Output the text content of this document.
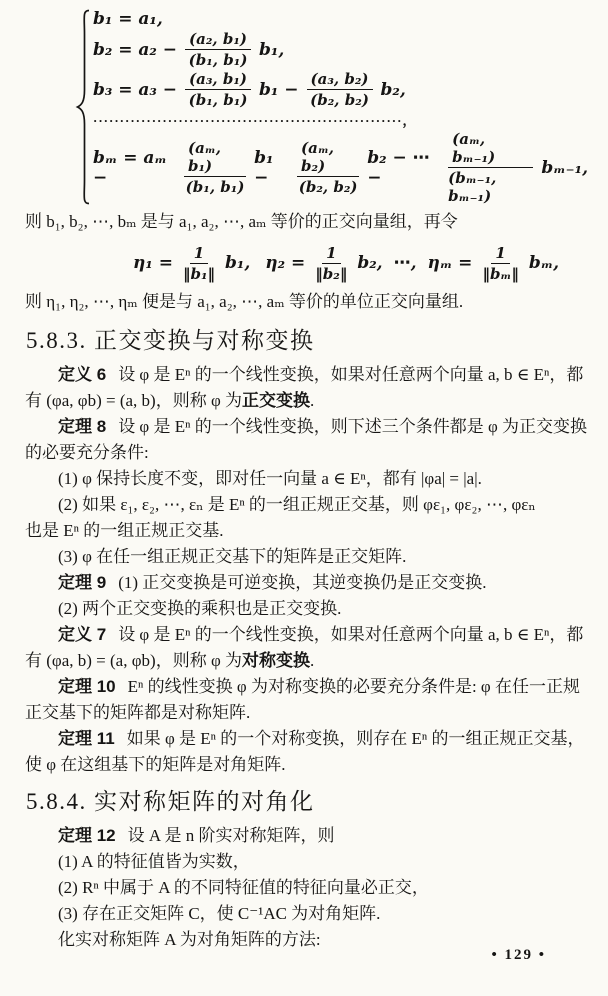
b₁ = a₁,
$b_2 = a_2 - \frac{\text{(a₂, b₁)}}{\text{(b₁, b₁)}} b_1$,
$b_3 = a_3 - \frac{\text{(a₃, b₁)}}{\text{(b₁, b₁)}} b_1 - \frac{\text{(a₃, b₂)}}{\text{(b₂, b₂)}} b_2$,
··························································，
bₘ = aₘ −	$\frac{\text{(aₘ, b₁)}}{\text{(b₁, b₁)}} b_1$ −	$\frac{\text{(aₘ, b₂)}}{\text{(b₂, b₂)}} b_2$ − ⋯ −	$\frac{\text{(aₘ, bₘ₋₁)}}{\text{(bₘ₋₁, bₘ₋₁)}} b_{m-1}$,

则 b₁, b₂, ⋯, bₘ 是与 a₁, a₂, ⋯, aₘ 等价的正交向量组，再令

$\eta_1 = \frac{1}{\text{‖b₁‖}} b_1$, $\eta_2 = \frac{1}{\text{‖b₂‖}} b_2$, ⋯, $\eta_m = \frac{1}{\text{‖bₘ‖}} b_m$,

则 η₁, η₂, ⋯, ηₘ 便是与 a₁, a₂, ⋯, aₘ 等价的单位正交向量组.

5.8.3. 正交变换与对称变换

定义 6 设 φ 是 Eⁿ 的一个线性变换，如果对任意两个向量 a, b ∈ Eⁿ，都

有 (φa, φb) = (a, b)，则称 φ 为正交变换.

定理 8 设 φ 是 Eⁿ 的一个线性变换，则下述三个条件都是 φ 为正交变换

的必要充分条件:

(1) φ 保持长度不变，即对任一向量 a ∈ Eⁿ，都有 |φa| = |a|.

(2) 如果 ε₁, ε₂, ⋯, εₙ 是 Eⁿ 的一组正规正交基，则 φε₁, φε₂, ⋯, φεₙ

也是 Eⁿ 的一组正规正交基.

(3) φ 在任一组正规正交基下的矩阵是正交矩阵.

定理 9 (1) 正交变换是可逆变换，其逆变换仍是正交变换.

(2) 两个正交变换的乘积也是正交变换.

定义 7 设 φ 是 Eⁿ 的一个线性变换，如果对任意两个向量 a, b ∈ Eⁿ，都

有 (φa, b) = (a, φb)，则称 φ 为对称变换.

定理 10 Eⁿ 的线性变换 φ 为对称变换的必要充分条件是: φ 在任一正规

正交基下的矩阵都是对称矩阵.

定理 11 如果 φ 是 Eⁿ 的一个对称变换，则存在 Eⁿ 的一组正规正交基，

使 φ 在这组基下的矩阵是对角矩阵.

5.8.4. 实对称矩阵的对角化

定理 12 设 A 是 n 阶实对称矩阵，则

(1) A 的特征值皆为实数，

(2) Rⁿ 中属于 A 的不同特征值的特征向量必正交，

(3) 存在正交矩阵 C，使 C⁻¹AC 为对角矩阵.

化实对称矩阵 A 为对角矩阵的方法:

• 129 •
